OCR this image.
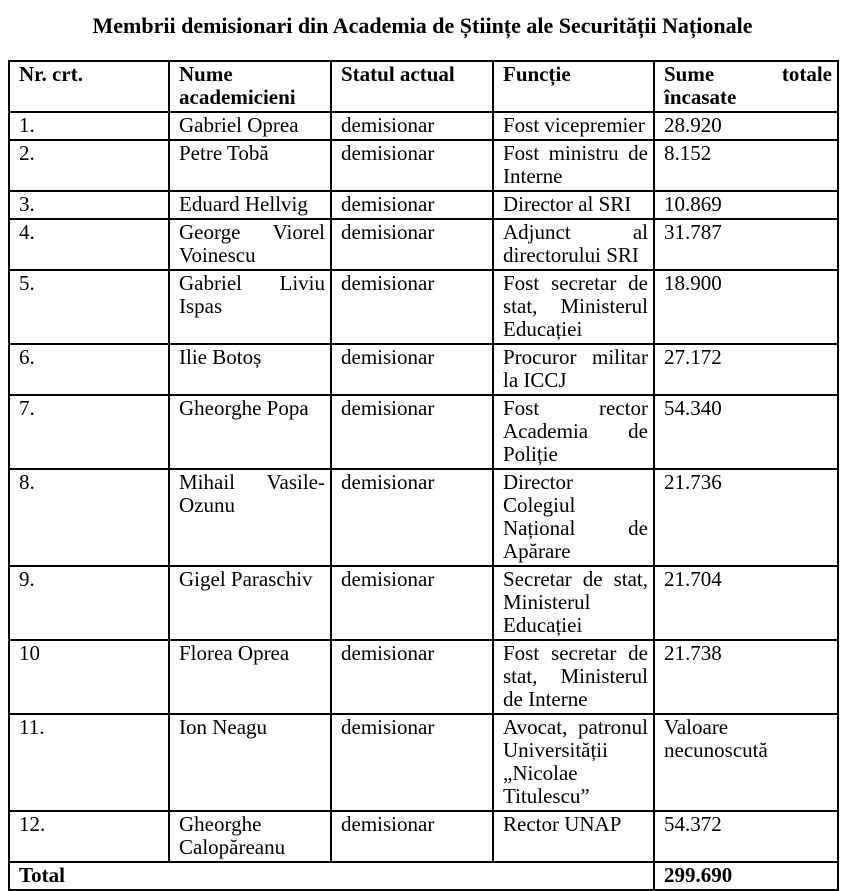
Membrii demisionari din Academia de Științe ale Securității Naționale
Nr. crt.	Nume academicieni	Statul actual	Funcție	Sume totale încasate
1.	Gabriel Oprea	demisionar	Fost vicepremier	28.920
2.	Petre Tobă	demisionar	Fost ministru de Interne	8.152
3.	Eduard Hellvig	demisionar	Director al SRI	10.869
4.	George Viorel Voinescu	demisionar	Adjunct al directorului SRI	31.787
5.	Gabriel Liviu Ispas	demisionar	Fost secretar de stat, Ministerul Educației	18.900
6.	Ilie Botoș	demisionar	Procuror militar la ICCJ	27.172
7.	Gheorghe Popa	demisionar	Fost rector Academia de Poliție	54.340
8.	Mihail Vasile-Ozunu	demisionar	Director Colegiul Național de Apărare	21.736
9.	Gigel Paraschiv	demisionar	Secretar de stat, Ministerul Educației	21.704
10	Florea Oprea	demisionar	Fost secretar de stat, Ministerul de Interne	21.738
11.	Ion Neagu	demisionar	Avocat, patronul Universității „Nicolae Titulescu”	Valoare necunoscută
12.	Gheorghe Calopăreanu	demisionar	Rector UNAP	54.372
Total				299.690
